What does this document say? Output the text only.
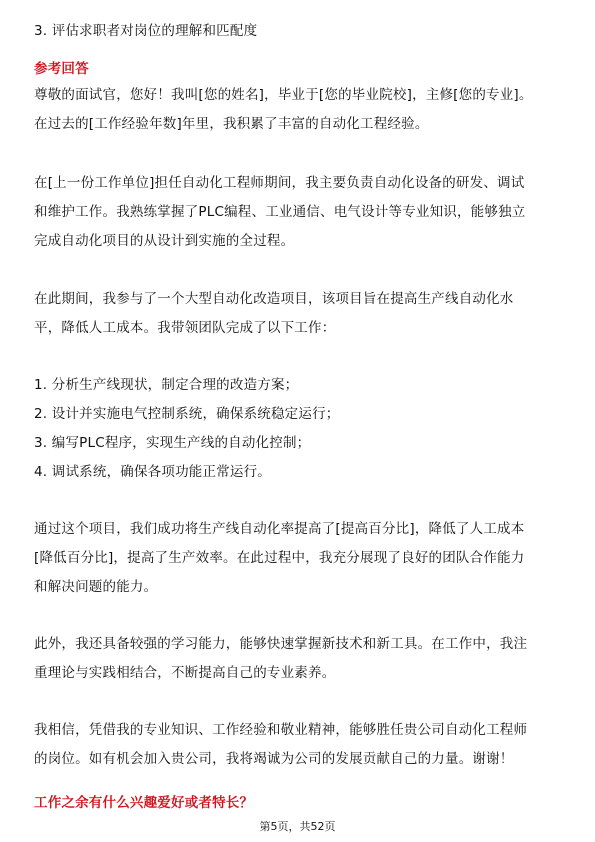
3. 评估求职者对岗位的理解和匹配度
参考回答
尊敬的面试官，您好！我叫[您的姓名]，毕业于[您的毕业院校]，主修[您的专业]。
在过去的[工作经验年数]年里，我积累了丰富的自动化工程经验。
在[上一份工作单位]担任自动化工程师期间，我主要负责自动化设备的研发、调试
和维护工作。我熟练掌握了PLC编程、工业通信、电气设计等专业知识，能够独立
完成自动化项目的从设计到实施的全过程。
在此期间，我参与了一个大型自动化改造项目，该项目旨在提高生产线自动化水
平，降低人工成本。我带领团队完成了以下工作：
1. 分析生产线现状，制定合理的改造方案；
2. 设计并实施电气控制系统，确保系统稳定运行；
3. 编写PLC程序，实现生产线的自动化控制；
4. 调试系统，确保各项功能正常运行。
通过这个项目，我们成功将生产线自动化率提高了[提高百分比]，降低了人工成本
[降低百分比]，提高了生产效率。在此过程中，我充分展现了良好的团队合作能力
和解决问题的能力。
此外，我还具备较强的学习能力，能够快速掌握新技术和新工具。在工作中，我注
重理论与实践相结合，不断提高自己的专业素养。
我相信，凭借我的专业知识、工作经验和敬业精神，能够胜任贵公司自动化工程师
的岗位。如有机会加入贵公司，我将竭诚为公司的发展贡献自己的力量。谢谢！
工作之余有什么兴趣爱好或者特长？
第5页，共52页
